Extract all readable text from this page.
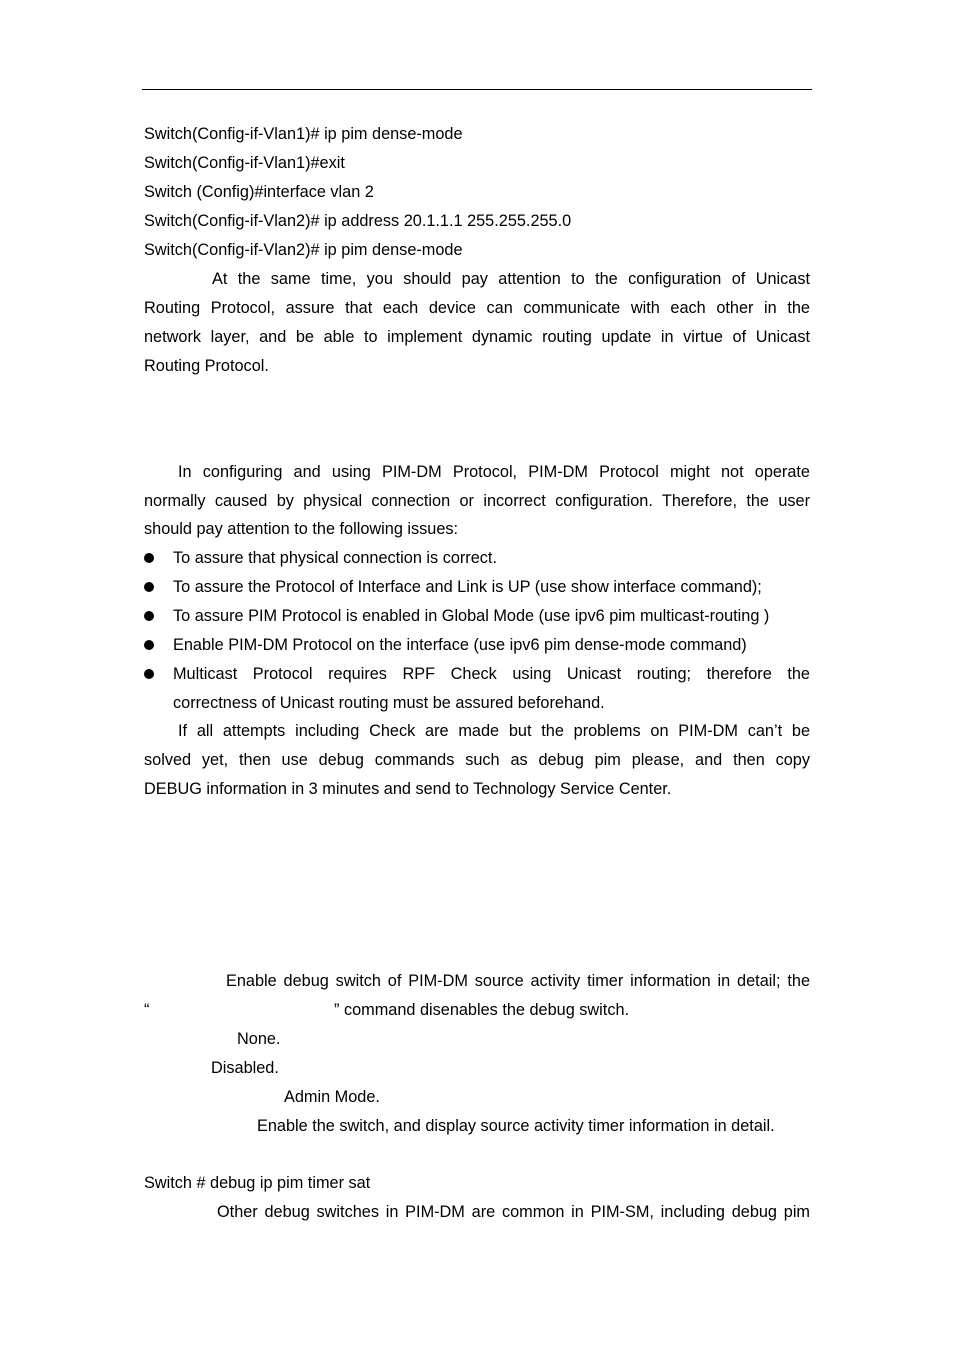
Switch(Config-if-Vlan1)# ip pim dense-mode
Switch(Config-if-Vlan1)#exit
Switch (Config)#interface vlan 2
Switch(Config-if-Vlan2)# ip address 20.1.1.1 255.255.255.0
Switch(Config-if-Vlan2)# ip pim dense-mode
At the same time, you should pay attention to the configuration of Unicast
Routing Protocol, assure that each device can communicate with each other in the
network layer, and be able to implement dynamic routing update in virtue of Unicast
Routing Protocol.
In configuring and using PIM-DM Protocol, PIM-DM Protocol might not operate
normally caused by physical connection or incorrect configuration. Therefore, the user
should pay attention to the following issues:
To assure that physical connection is correct.
To assure the Protocol of Interface and Link is UP (use show interface command);
To assure PIM Protocol is enabled in Global Mode (use ipv6 pim multicast-routing )
Enable PIM-DM Protocol on the interface (use ipv6 pim dense-mode command)
Multicast Protocol requires RPF Check using Unicast routing; therefore the
correctness of Unicast routing must be assured beforehand.
If all attempts including Check are made but the problems on PIM-DM can’t be
solved yet, then use debug commands such as debug pim please, and then copy
DEBUG information in 3 minutes and send to Technology Service Center.
Enable debug switch of PIM-DM source activity timer information in detail; the
“	” command disenables the debug switch.
None.
Disabled.
Admin Mode.
Enable the switch, and display source activity timer information in detail.
Switch # debug ip pim timer sat
Other debug switches in PIM-DM are common in PIM-SM, including debug pim
